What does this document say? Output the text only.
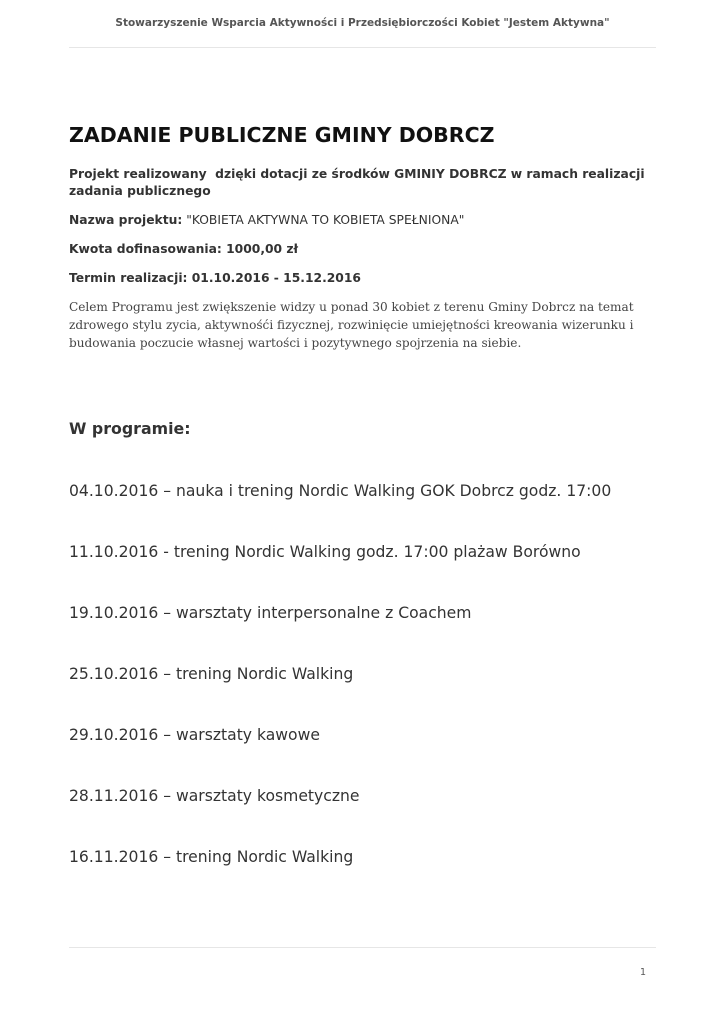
Stowarzyszenie Wsparcia Aktywności i Przedsiębiorczości Kobiet "Jestem Aktywna"
ZADANIE PUBLICZNE GMINY DOBRCZ

Projekt realizowany  dzięki dotacji ze środków GMINIY DOBRCZ w ramach realizacji zadania publicznego

Nazwa projektu: "KOBIETA AKTYWNA TO KOBIETA SPEŁNIONA"

Kwota dofinasowania: 1000,00 zł

Termin realizacji: 01.10.2016 - 15.12.2016

Celem Programu jest zwiększenie widzy u ponad 30 kobiet z terenu Gminy Dobrcz na temat zdrowego stylu zycia, aktywnośći fizycznej, rozwinięcie umiejętności kreowania wizerunku i budowania poczucie własnej wartości i pozytywnego spojrzenia na siebie.

W programie:
04.10.2016 – nauka i trening Nordic Walking GOK Dobrcz godz. 17:00
11.10.2016 - trening Nordic Walking godz. 17:00 plażaw Borówno
19.10.2016 – warsztaty interpersonalne z Coachem
25.10.2016 – trening Nordic Walking
29.10.2016 – warsztaty kawowe
28.11.2016 – warsztaty kosmetyczne
16.11.2016 – trening Nordic Walking
1
